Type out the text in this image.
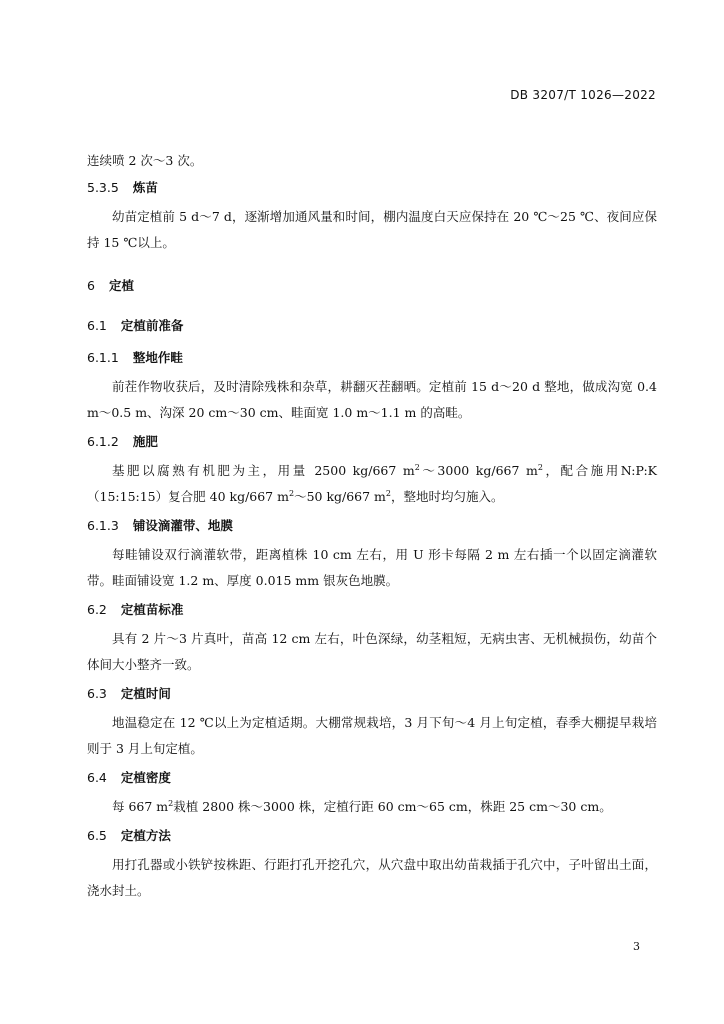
DB 3207/T 1026—2022

连续喷 2 次～3 次。

5.3.5 炼苗

幼苗定植前 5 d～7 d，逐渐增加通风量和时间，棚内温度白天应保持在 20 ℃～25 ℃、夜间应保持 15 ℃以上。

6 定植

6.1 定植前准备

6.1.1 整地作畦

前茬作物收获后，及时清除残株和杂草，耕翻灭茬翻晒。定植前 15 d～20 d 整地，做成沟宽 0.4 m～0.5 m、沟深 20 cm～30 cm、畦面宽 1.0 m～1.1 m 的高畦。

6.1.2 施肥

基肥以腐熟有机肥为主，用量 2500 kg/667 $m^2\sim 3000$ kg/667 $m^2$，配合施用N:P:K（15:15:15）复合肥 40 kg/667 $m^2\sim 50$ kg/667 $m^2$，整地时均匀施入。

6.1.3 铺设滴灌带、地膜

每畦铺设双行滴灌软带，距离植株 10 cm 左右，用 U 形卡每隔 2 m 左右插一个以固定滴灌软带。畦面铺设宽 1.2 m、厚度 0.015 mm 银灰色地膜。

6.2 定植苗标准

具有 2 片～3 片真叶，苗高 12 cm 左右，叶色深绿，幼茎粗短，无病虫害、无机械损伤，幼苗个体间大小整齐一致。

6.3 定植时间

地温稳定在 12 ℃以上为定植适期。大棚常规栽培，3 月下旬～4 月上旬定植，春季大棚提早栽培则于 3 月上旬定植。

6.4 定植密度

每 667 $m^2$栽植 2800 株～3000 株，定植行距 60 cm～65 cm，株距 25 cm～30 cm。

6.5 定植方法

用打孔器或小铁铲按株距、行距打孔开挖孔穴，从穴盘中取出幼苗栽插于孔穴中，子叶留出土面，浇水封土。

3
